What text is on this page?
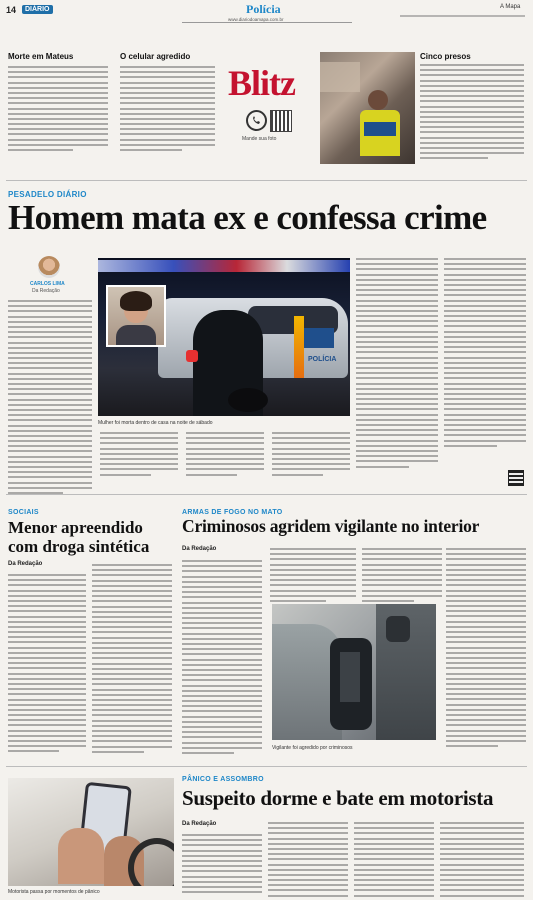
14	DIÁRIO	Polícia
www.diariodoamapa.com.br
A Mapa
Morte em Mateus	O celular agredido
Blitz
Mande sua foto
Cinco presos
PESADELO DIÁRIO
Homem mata ex e confessa crime
CARLOS LIMA
Da Redação
POLÍCIA
Mulher foi morta dentro de casa na noite de sábado
SOCIAIS
Menor apreendido
com droga sintética
Da Redação
ARMAS DE FOGO NO MATO
Criminosos agridem vigilante no interior
Da Redação
Vigilante foi agredido por criminosos
Motorista passa por momentos de pânico
PÂNICO E ASSOMBRO
Suspeito dorme e bate em motorista
Da Redação
